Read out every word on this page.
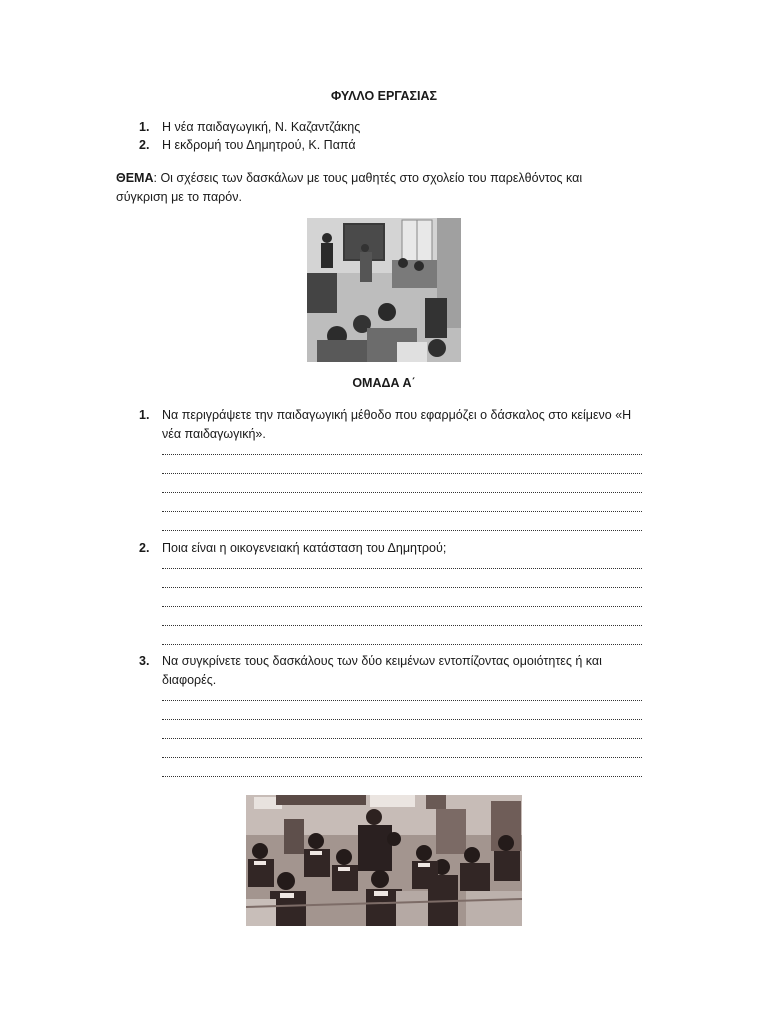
ΦΥΛΛΟ ΕΡΓΑΣΙΑΣ
1. Η νέα παιδαγωγική, Ν. Καζαντζάκης
2. Η εκδρομή του Δημητρού, Κ. Παπά
ΘΕΜΑ: Οι σχέσεις των δασκάλων με τους μαθητές στο σχολείο του παρελθόντος και σύγκριση με το παρόν.
ΟΜΑΔΑ Α΄
1. Να περιγράψετε την παιδαγωγική μέθοδο που εφαρμόζει ο δάσκαλος στο κείμενο «Η νέα παιδαγωγική».
2. Ποια είναι η οικογενειακή κατάσταση του Δημητρού;
3. Να συγκρίνετε τους δασκάλους των δύο κειμένων εντοπίζοντας ομοιότητες ή και διαφορές.
